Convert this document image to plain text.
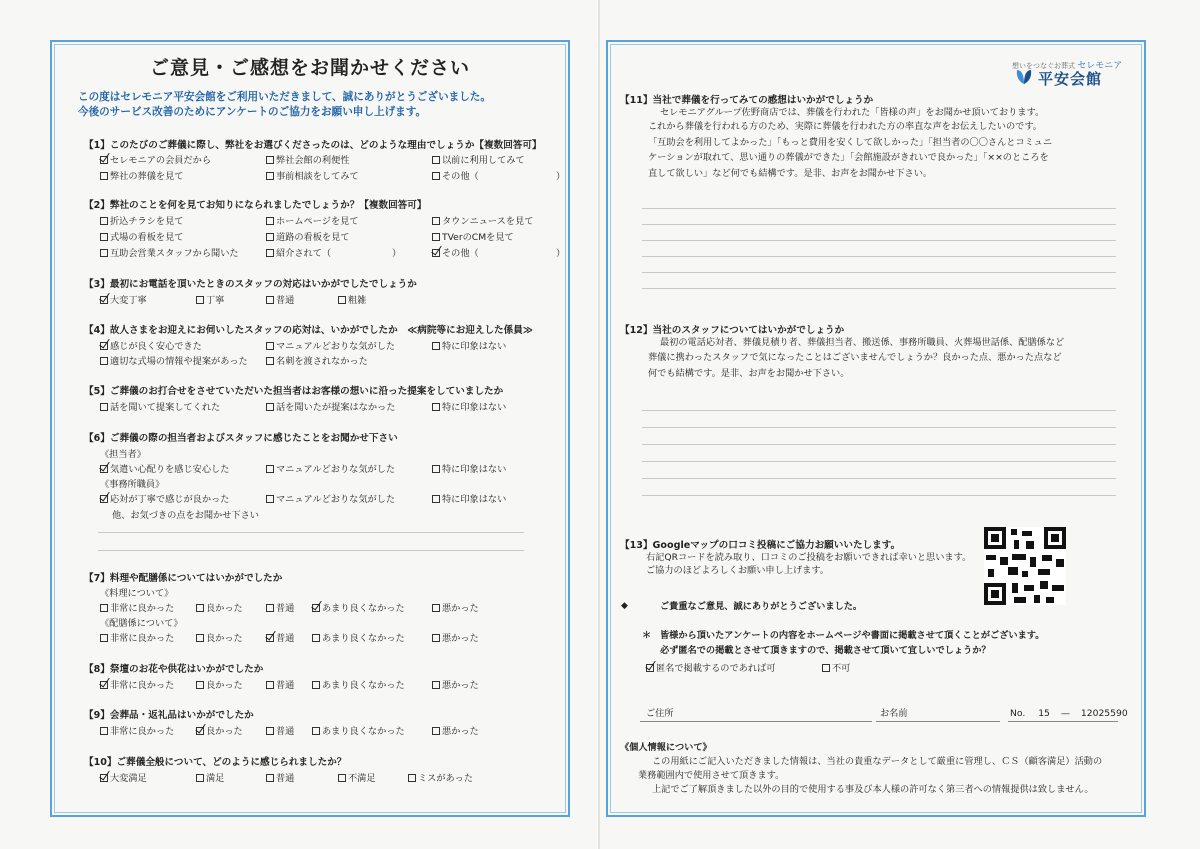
ご意見・ご感想をお聞かせください
この度はセレモニア平安会館をご利用いただきまして、誠にありがとうございました。
今後のサービス改善のためにアンケートのご協力をお願い申し上げます。
【1】このたびのご葬儀に際し、弊社をお選びくださったのは、どのような理由でしょうか【複数回答可】
セレモニアの会員だから	弊社会館の利便性	以前に利用してみて
弊社の葬儀を見て	事前相談をしてみて	その他（	）
【2】弊社のことを何を見てお知りになられましたでしょうか？【複数回答可】
折込チラシを見て	ホームページを見て	タウンニュースを見て
式場の看板を見て	道路の看板を見て	TVerのCMを見て
互助会営業スタッフから聞いた	紹介されて（	）	その他（	）
【3】最初にお電話を頂いたときのスタッフの対応はいかがでしたでしょうか
大変丁寧	丁寧	普通	粗雑
【4】故人さまをお迎えにお伺いしたスタッフの応対は、いかがでしたか　≪病院等にお迎えした係員≫
感じが良く安心できた	マニュアルどおりな気がした	特に印象はない
適切な式場の情報や提案があった	名刺を渡されなかった
【5】ご葬儀のお打合せをさせていただいた担当者はお客様の想いに沿った提案をしていましたか
話を聞いて提案してくれた	話を聞いたが提案はなかった	特に印象はない
【6】ご葬儀の際の担当者およびスタッフに感じたことをお聞かせ下さい
《担当者》
気遣い心配りを感じ安心した	マニュアルどおりな気がした	特に印象はない
《事務所職員》
応対が丁寧で感じが良かった	マニュアルどおりな気がした	特に印象はない
他、お気づきの点をお聞かせ下さい
【7】料理や配膳係についてはいかがでしたか
《料理について》
非常に良かった	良かった	普通	あまり良くなかった	悪かった
《配膳係について》
非常に良かった	良かった	普通	あまり良くなかった	悪かった
【8】祭壇のお花や供花はいかがでしたか
非常に良かった	良かった	普通	あまり良くなかった	悪かった
【9】会葬品・返礼品はいかがでしたか
非常に良かった	良かった	普通	あまり良くなかった	悪かった
【10】ご葬儀全般について、どのように感じられましたか？
大変満足	満足	普通	不満足	ミスがあった
想いをつなぐお葬式 セレモニア
平安会館
【11】当社で葬儀を行ってみての感想はいかがでしょうか
セレモニアグループ佐野商店では、葬儀を行われた「皆様の声」をお聞かせ頂いております。
これから葬儀を行われる方のため、実際に葬儀を行われた方の率直な声をお伝えしたいのです。
「互助会を利用してよかった」「もっと費用を安くして欲しかった」「担当者の〇〇さんとコミュニ
ケーションが取れて、思い通りの葬儀ができた」「会館施設がきれいで良かった」「××のところを
直して欲しい」など何でも結構です。是非、お声をお聞かせ下さい。
【12】当社のスタッフについてはいかがでしょうか
最初の電話応対者、葬儀見積り者、葬儀担当者、搬送係、事務所職員、火葬場世話係、配膳係など
葬儀に携わったスタッフで気になったことはございませんでしょうか？良かった点、悪かった点など
何でも結構です。是非、お声をお聞かせ下さい。
【13】Googleマップの口コミ投稿にご協力お願いいたします。
右記QRコードを読み取り、口コミのご投稿をお願いできれば幸いと思います。
ご協力のほどよろしくお願い申し上げます。
◆	ご貴重なご意見、誠にありがとうございました。
＊ 皆様から頂いたアンケートの内容をホームページや書面に掲載させて頂くことがございます。
必ず匿名での掲載とさせて頂きますので、掲載させて頂いて宜しいでしょうか？
匿名で掲載するのであれば可	不可
ご住所	お名前	No. 15 — 12025590
《個人情報について》
この用紙にご記入いただきました情報は、当社の貴重なデータとして厳重に管理し、ＣＳ（顧客満足）活動の
業務範囲内で使用させて頂きます。
上記でご了解頂きました以外の目的で使用する事及び本人様の許可なく第三者への情報提供は致しません。
